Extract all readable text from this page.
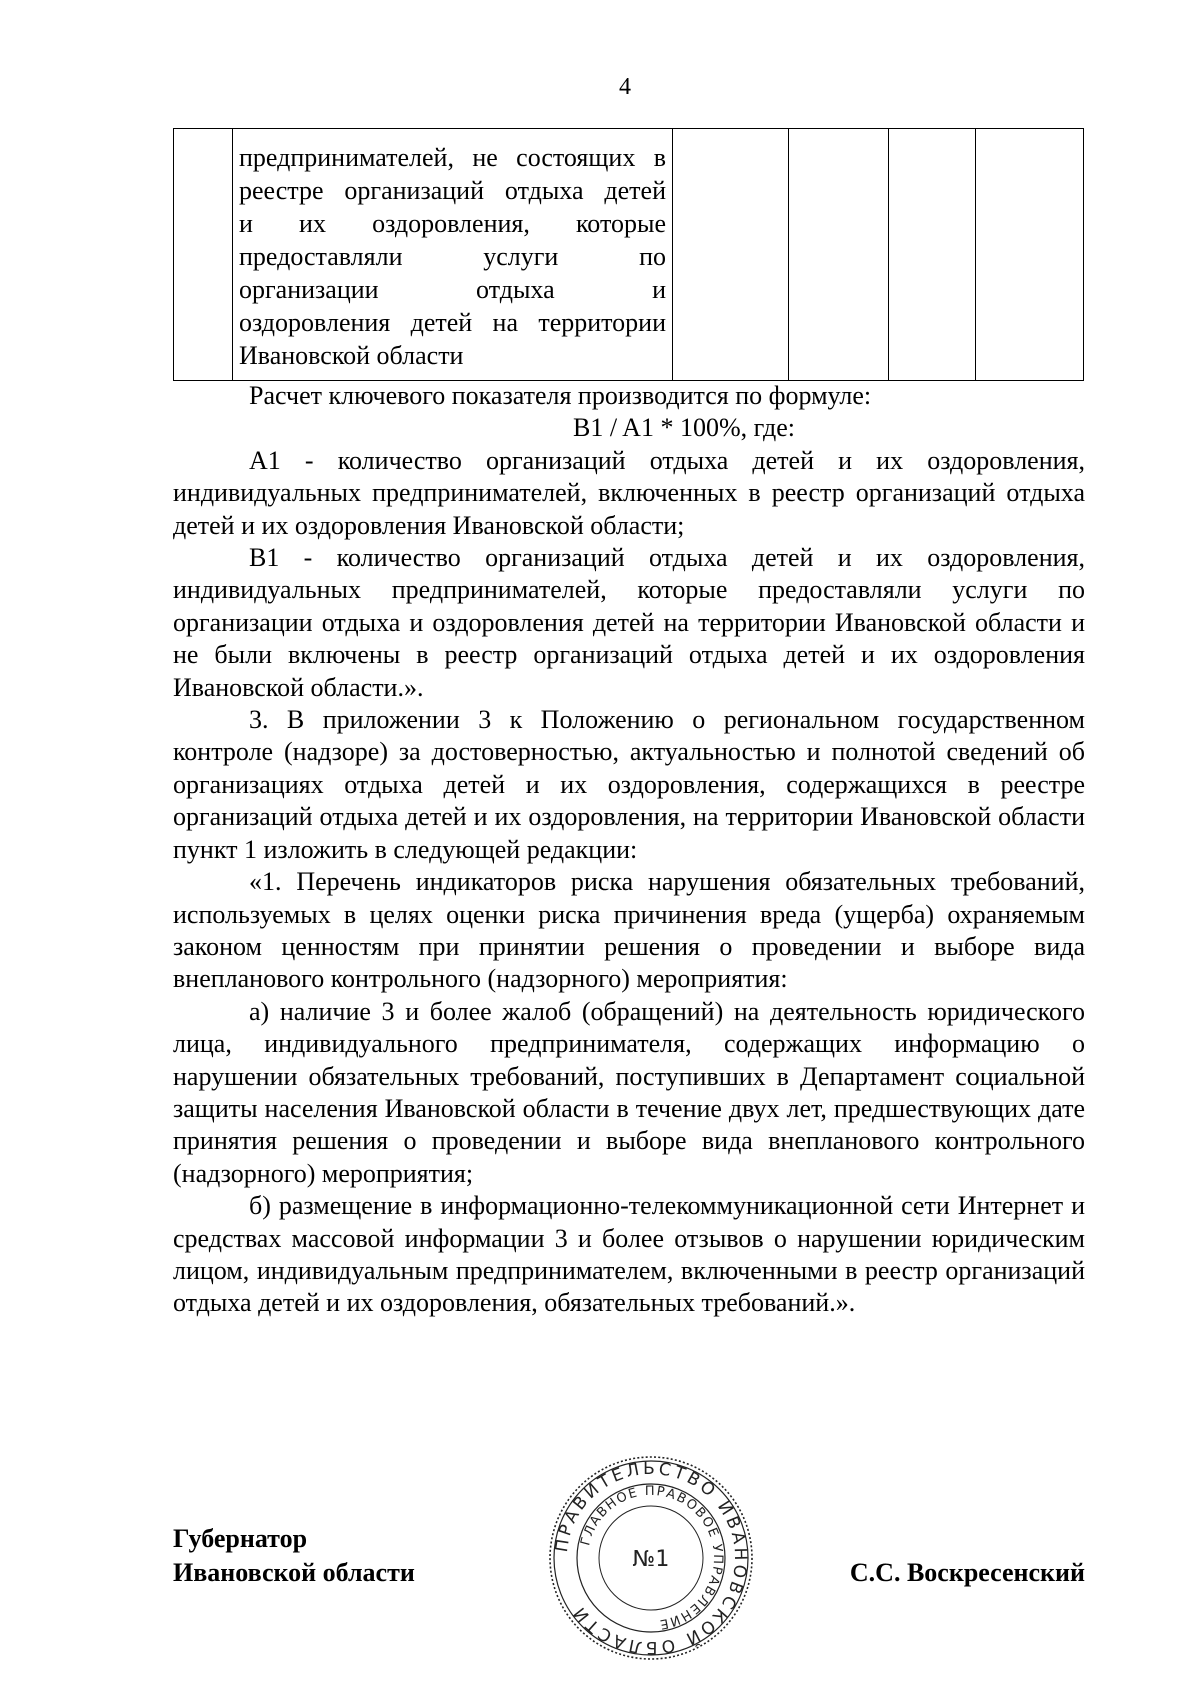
4

предпринимателей, не состоящих в
реестре организаций отдыха детей
и их оздоровления, которые
предоставляли услуги по
организации отдыха и
оздоровления детей на территории
Ивановской области

Расчет ключевого показателя производится по формуле:

B1 / A1 * 100%, где:

A1 - количество организаций отдыха детей и их оздоровления, индивидуальных предпринимателей, включенных в реестр организаций отдыха детей и их оздоровления Ивановской области;

B1 - количество организаций отдыха детей и их оздоровления, индивидуальных предпринимателей, которые предоставляли услуги по организации отдыха и оздоровления детей на территории Ивановской области и не были включены в реестр организаций отдыха детей и их оздоровления Ивановской области.».

3. В приложении 3 к Положению о региональном государственном контроле (надзоре) за достоверностью, актуальностью и полнотой сведений об организациях отдыха детей и их оздоровления, содержащихся в реестре организаций отдыха детей и их оздоровления, на территории Ивановской области пункт 1 изложить в следующей редакции:

«1. Перечень индикаторов риска нарушения обязательных требований, используемых в целях оценки риска причинения вреда (ущерба) охраняемым законом ценностям при принятии решения о проведении и выборе вида внепланового контрольного (надзорного) мероприятия:

а) наличие 3 и более жалоб (обращений) на деятельность юридического лица, индивидуального предпринимателя, содержащих информацию о нарушении обязательных требований, поступивших в Департамент социальной защиты населения Ивановской области в течение двух лет, предшествующих дате принятия решения о проведении и выборе вида внепланового контрольного (надзорного) мероприятия;

б) размещение в информационно-телекоммуникационной сети Интернет и средствах массовой информации 3 и более отзывов о нарушении юридическим лицом, индивидуальным предпринимателем, включенными в реестр организаций отдыха детей и их оздоровления, обязательных требований.».

Губернатор
Ивановской области	С.С. Воскресенский
ПРАВИТЕЛЬСТВО ИВАНОВСКОЙ ОБЛАСТИ
ГЛАВНОЕ ПРАВОВОЕ УПРАВЛЕНИЕ
№1
